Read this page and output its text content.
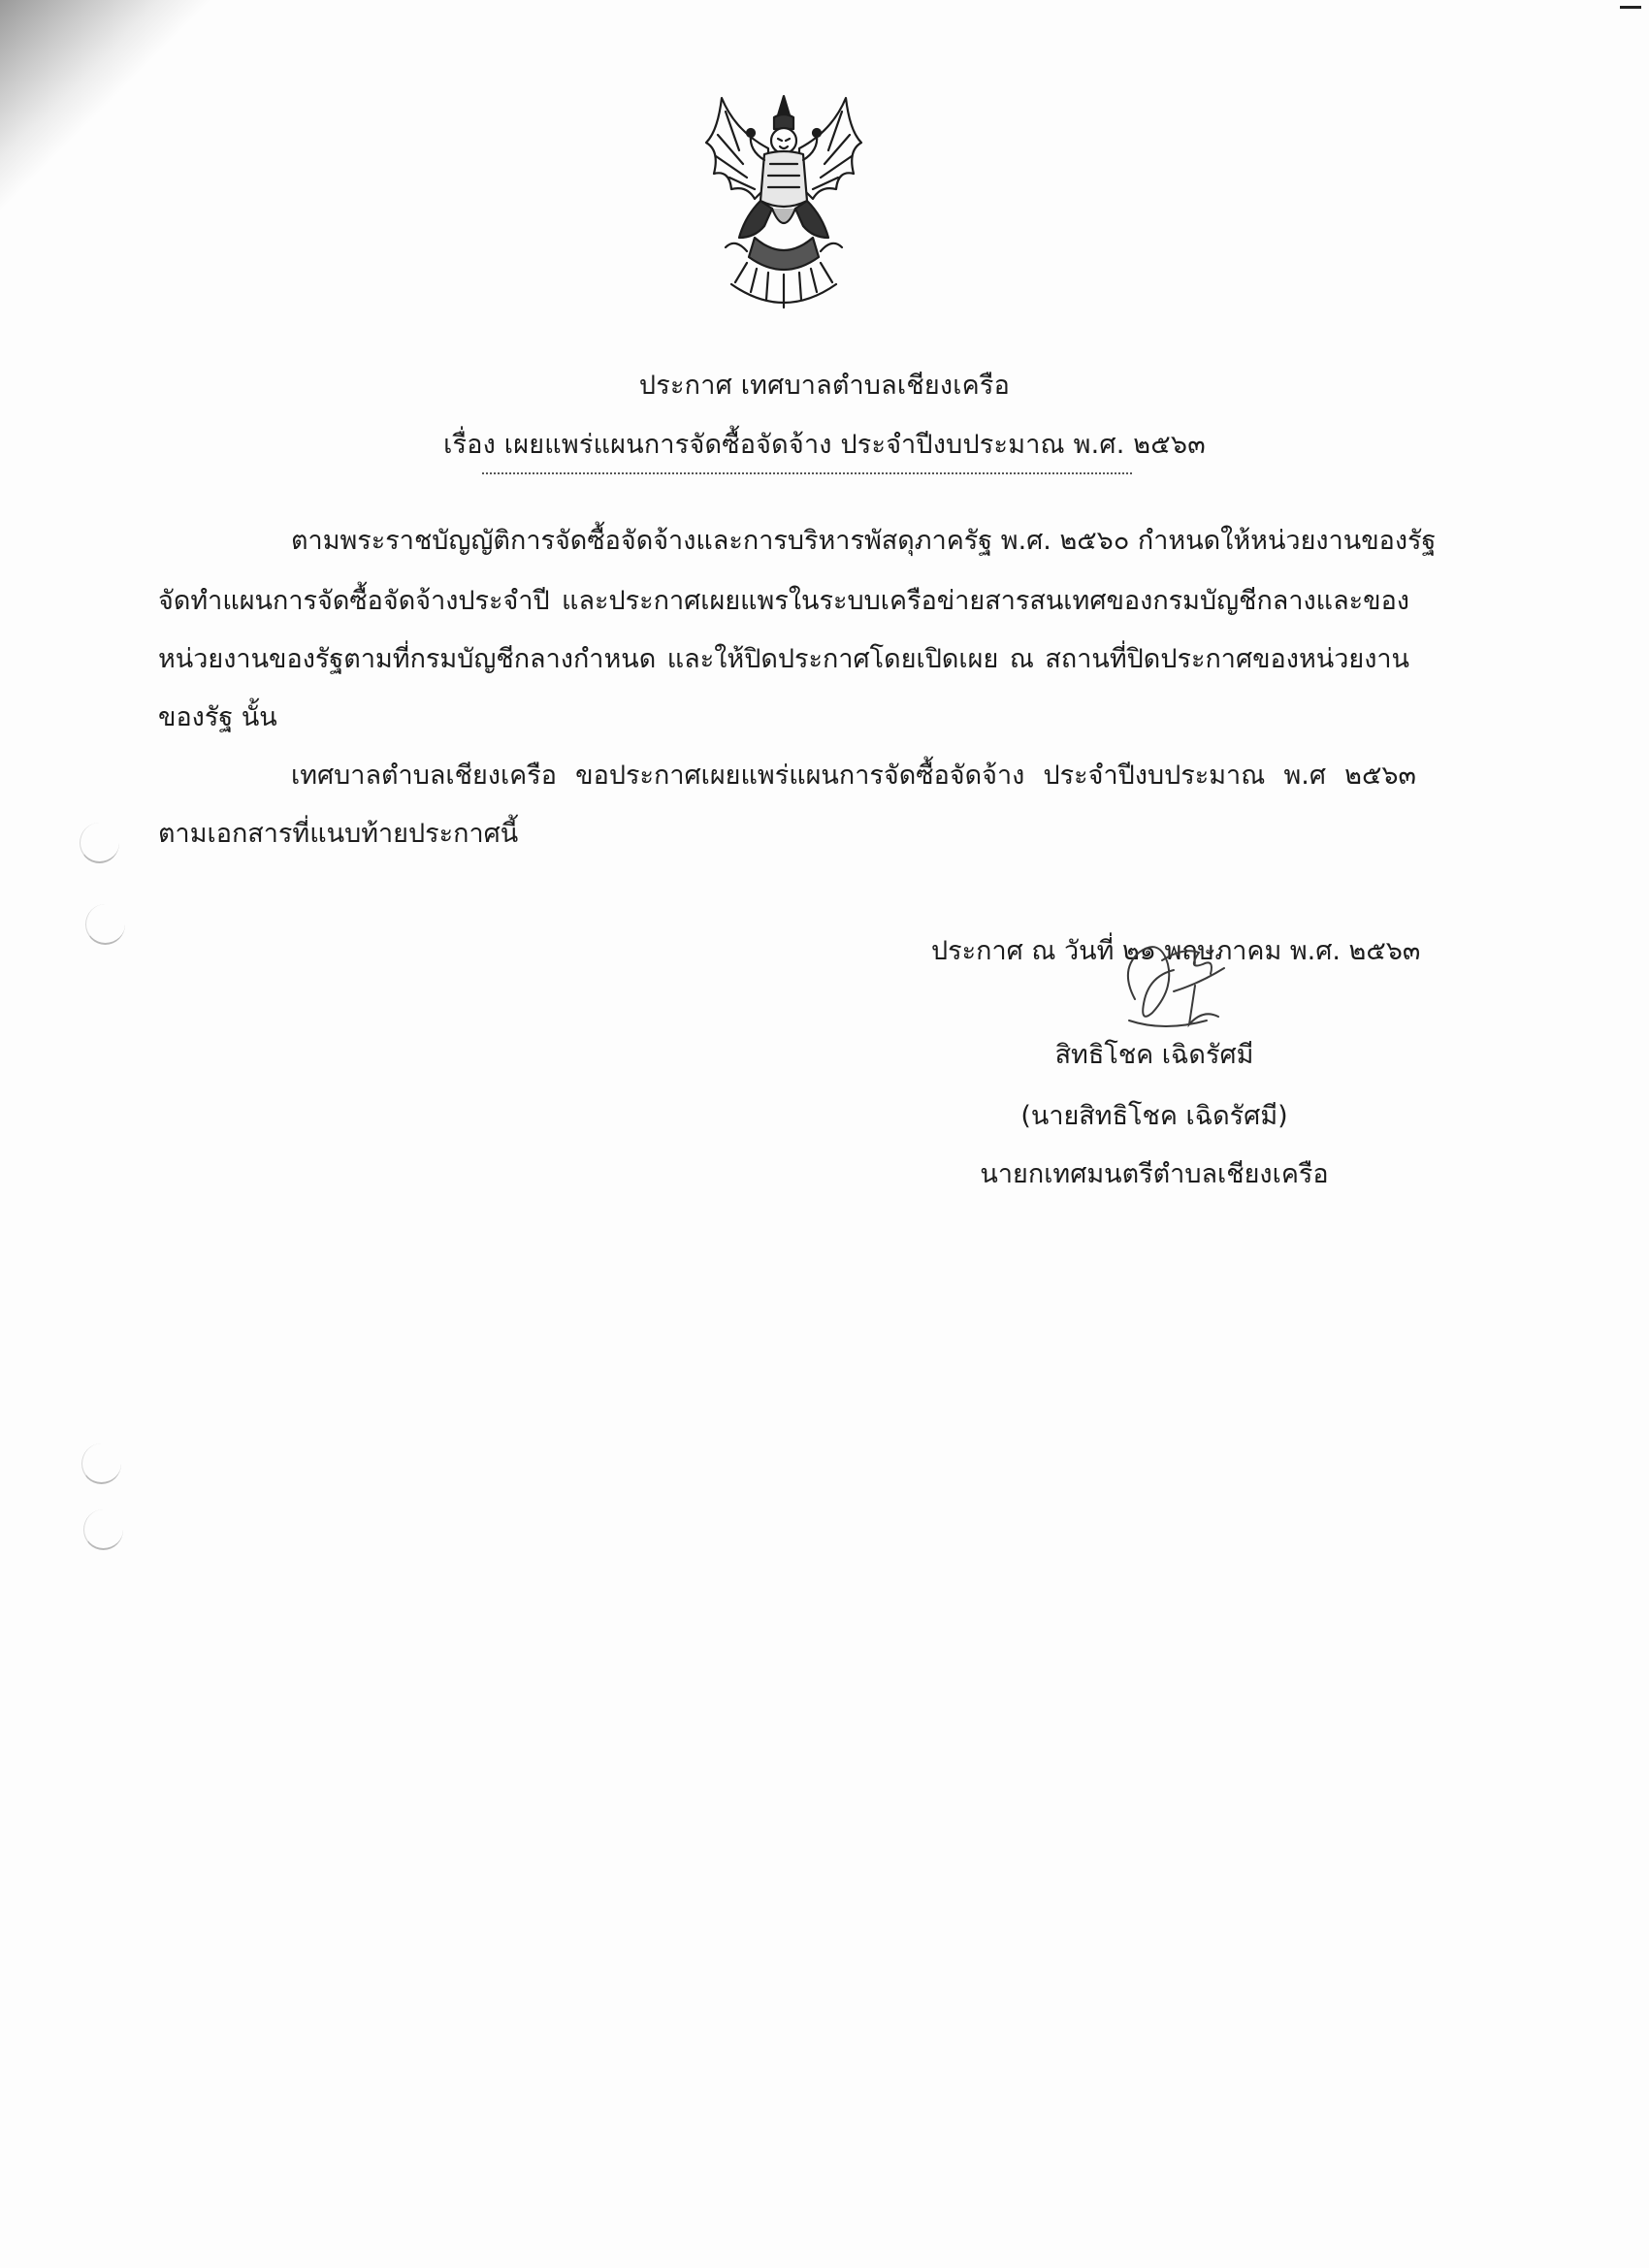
ประกาศ เทศบาลตำบลเชียงเครือ
เรื่อง เผยแพร่แผนการจัดซื้อจัดจ้าง ประจำปีงบประมาณ พ.ศ. ๒๕๖๓
ตามพระราชบัญญัติการจัดซื้อจัดจ้างและการบริหารพัสดุภาครัฐ พ.ศ. ๒๕๖๐ กำหนดให้หน่วยงานของรัฐ
จัดทำแผนการจัดซื้อจัดจ้างประจำปี และประกาศเผยแพรในระบบเครือข่ายสารสนเทศของกรมบัญชีกลางและของ
หน่วยงานของรัฐตามที่กรมบัญชีกลางกำหนด และให้ปิดประกาศโดยเปิดเผย ณ สถานที่ปิดประกาศของหน่วยงาน
ของรัฐ นั้น
เทศบาลตำบลเชียงเครือ ขอประกาศเผยแพร่แผนการจัดซื้อจัดจ้าง ประจำปีงบประมาณ พ.ศ ๒๕๖๓
ตามเอกสารที่แนบท้ายประกาศนี้
ประกาศ ณ วันที่ ๒๑ พฤษภาคม พ.ศ. ๒๕๖๓
สิทธิโชค เฉิดรัศมี
(นายสิทธิโชค เฉิดรัศมี)
นายกเทศมนตรีตำบลเชียงเครือ
